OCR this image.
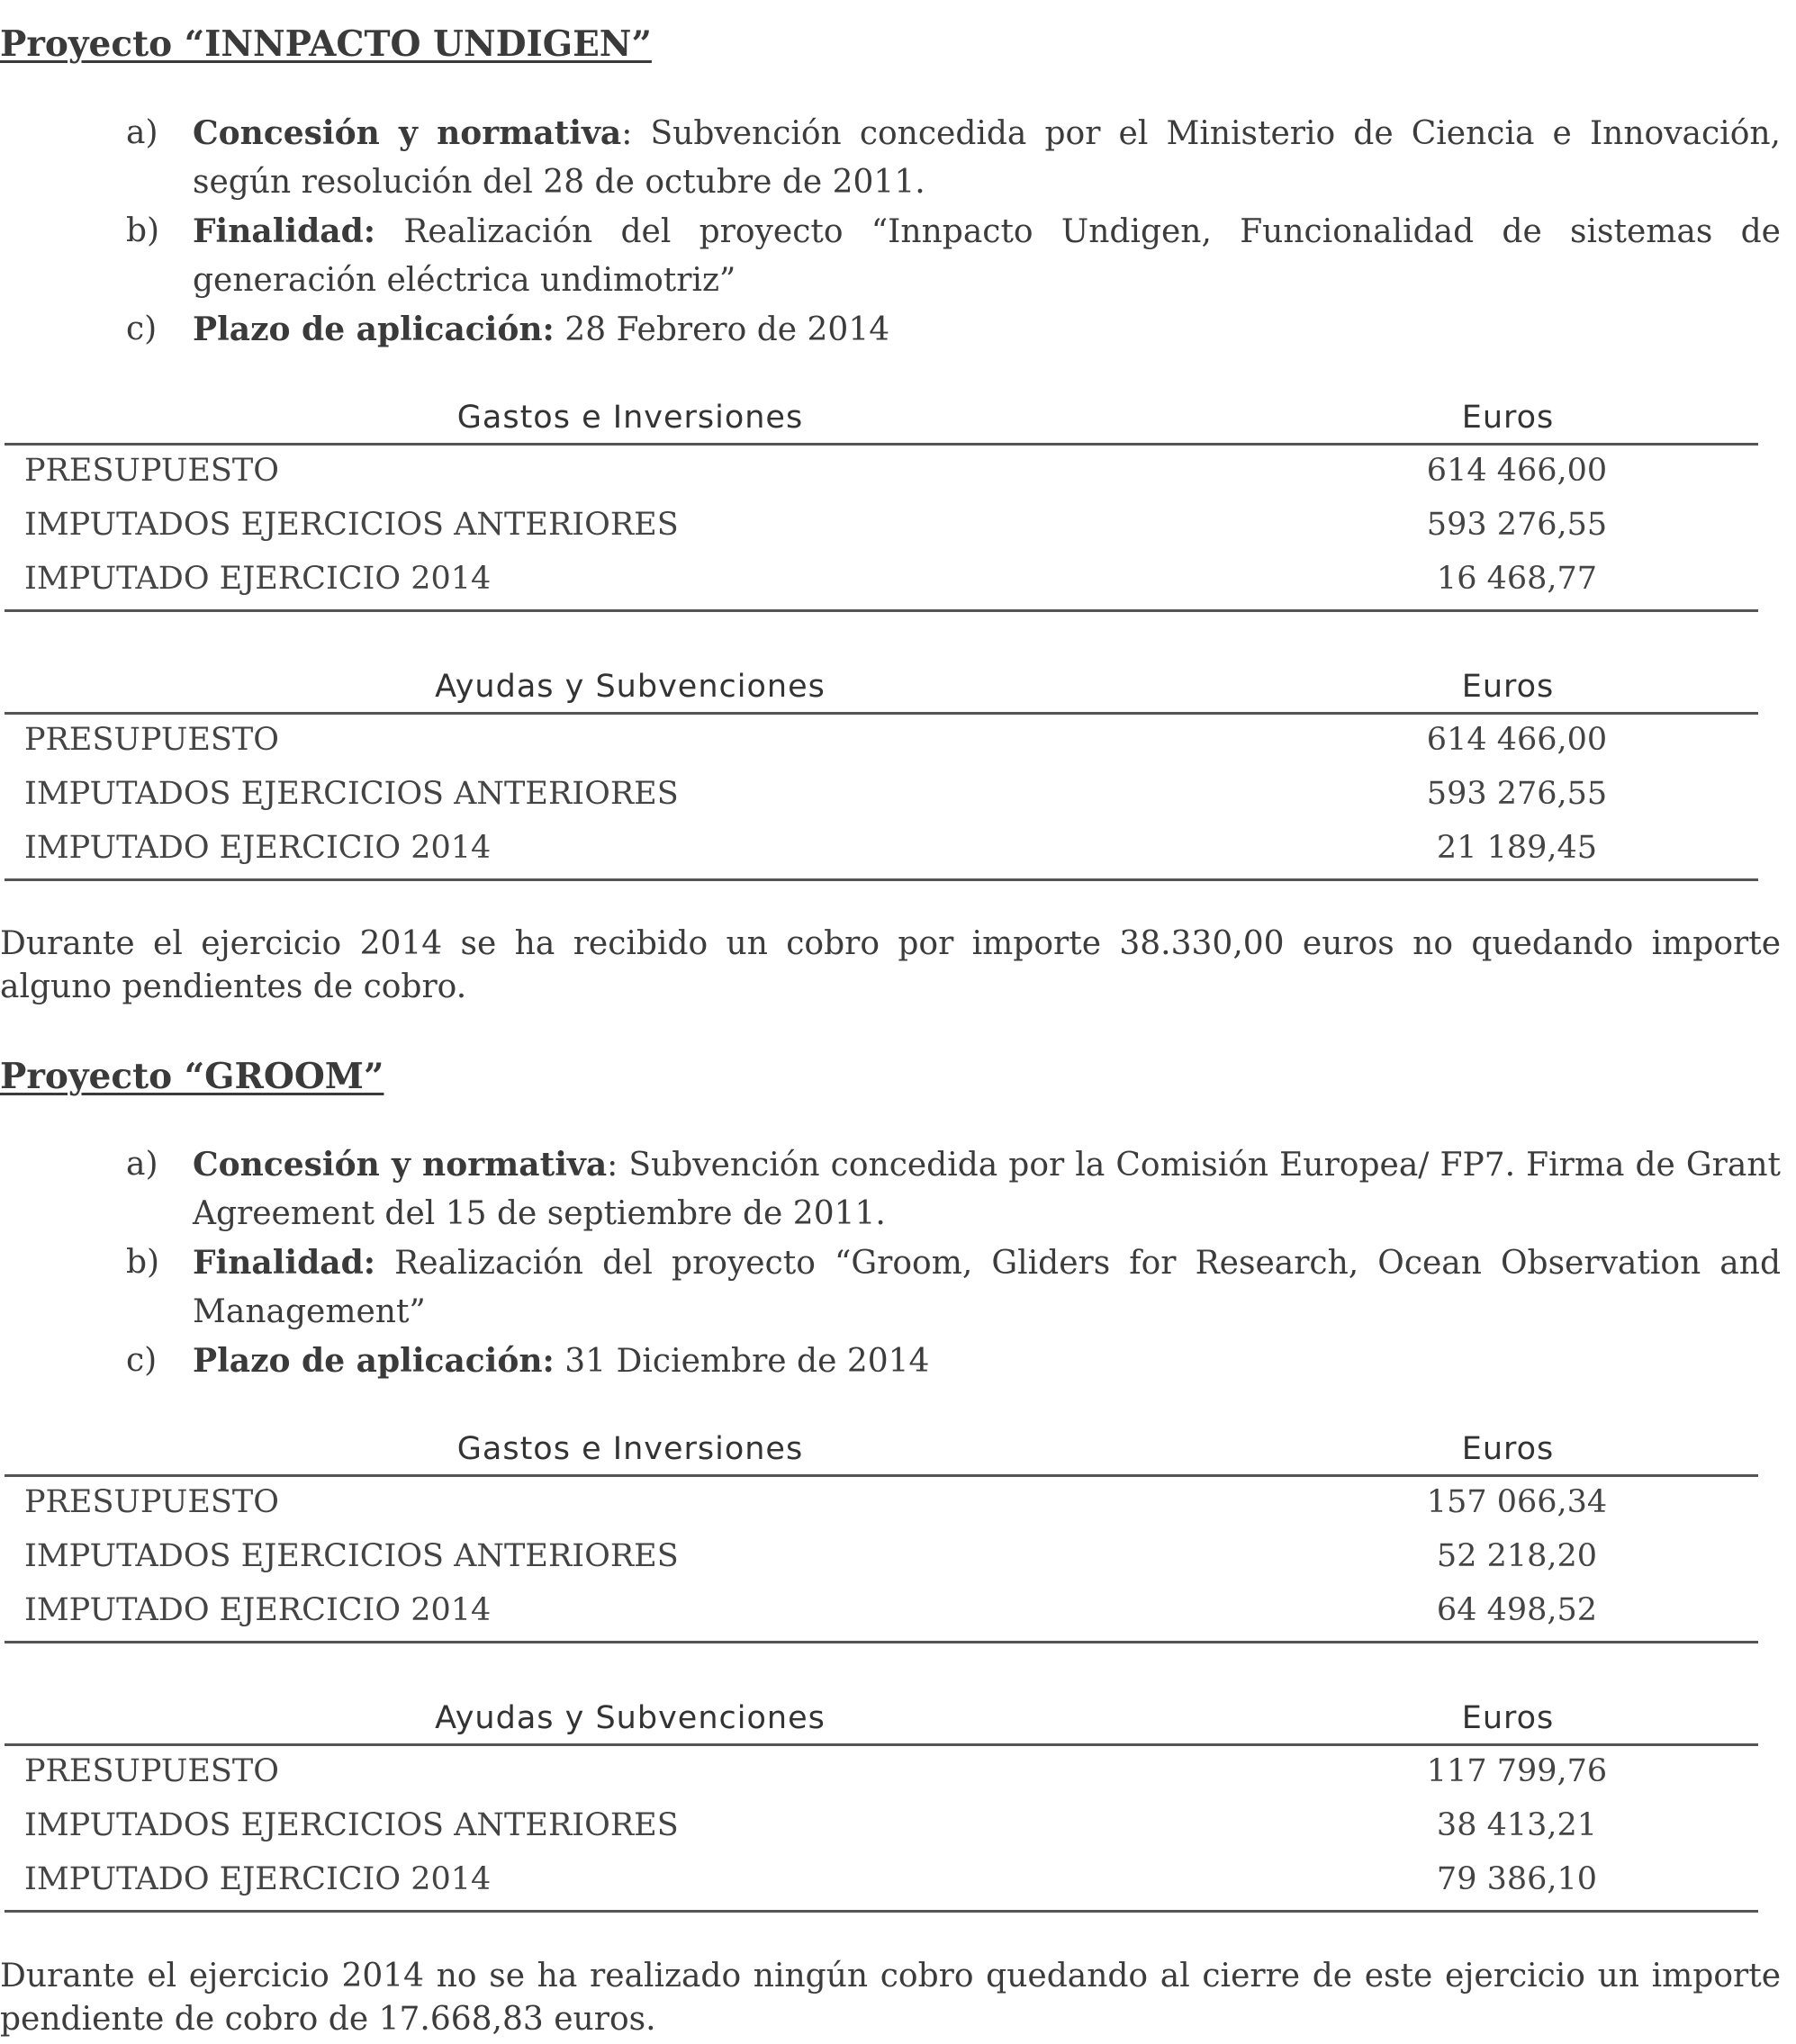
Proyecto “INNPACTO UNDIGEN”
a) Concesión y normativa: Subvención concedida por el Ministerio de Ciencia e Innovación, según resolución del 28 de octubre de 2011.
b) Finalidad: Realización del proyecto “Innpacto Undigen, Funcionalidad de sistemas de generación eléctrica undimotriz”
c) Plazo de aplicación: 28 Febrero de 2014
Gastos e Inversiones	Euros
PRESUPUESTO	614 466,00
IMPUTADOS EJERCICIOS ANTERIORES	593 276,55
IMPUTADO EJERCICIO 2014	16 468,77
Ayudas y Subvenciones	Euros
PRESUPUESTO	614 466,00
IMPUTADOS EJERCICIOS ANTERIORES	593 276,55
IMPUTADO EJERCICIO 2014	21 189,45

Durante el ejercicio 2014 se ha recibido un cobro por importe 38.330,00 euros no quedando importe alguno pendientes de cobro.

Proyecto “GROOM”
a) Concesión y normativa: Subvención concedida por la Comisión Europea/ FP7. Firma de Grant Agreement del 15 de septiembre de 2011.
b) Finalidad: Realización del proyecto “Groom, Gliders for Research, Ocean Observation and Management”
c) Plazo de aplicación: 31 Diciembre de 2014
Gastos e Inversiones	Euros
PRESUPUESTO	157 066,34
IMPUTADOS EJERCICIOS ANTERIORES	52 218,20
IMPUTADO EJERCICIO 2014	64 498,52
Ayudas y Subvenciones	Euros
PRESUPUESTO	117 799,76
IMPUTADOS EJERCICIOS ANTERIORES	38 413,21
IMPUTADO EJERCICIO 2014	79 386,10

Durante el ejercicio 2014 no se ha realizado ningún cobro quedando al cierre de este ejercicio un importe pendiente de cobro de 17.668,83 euros.
